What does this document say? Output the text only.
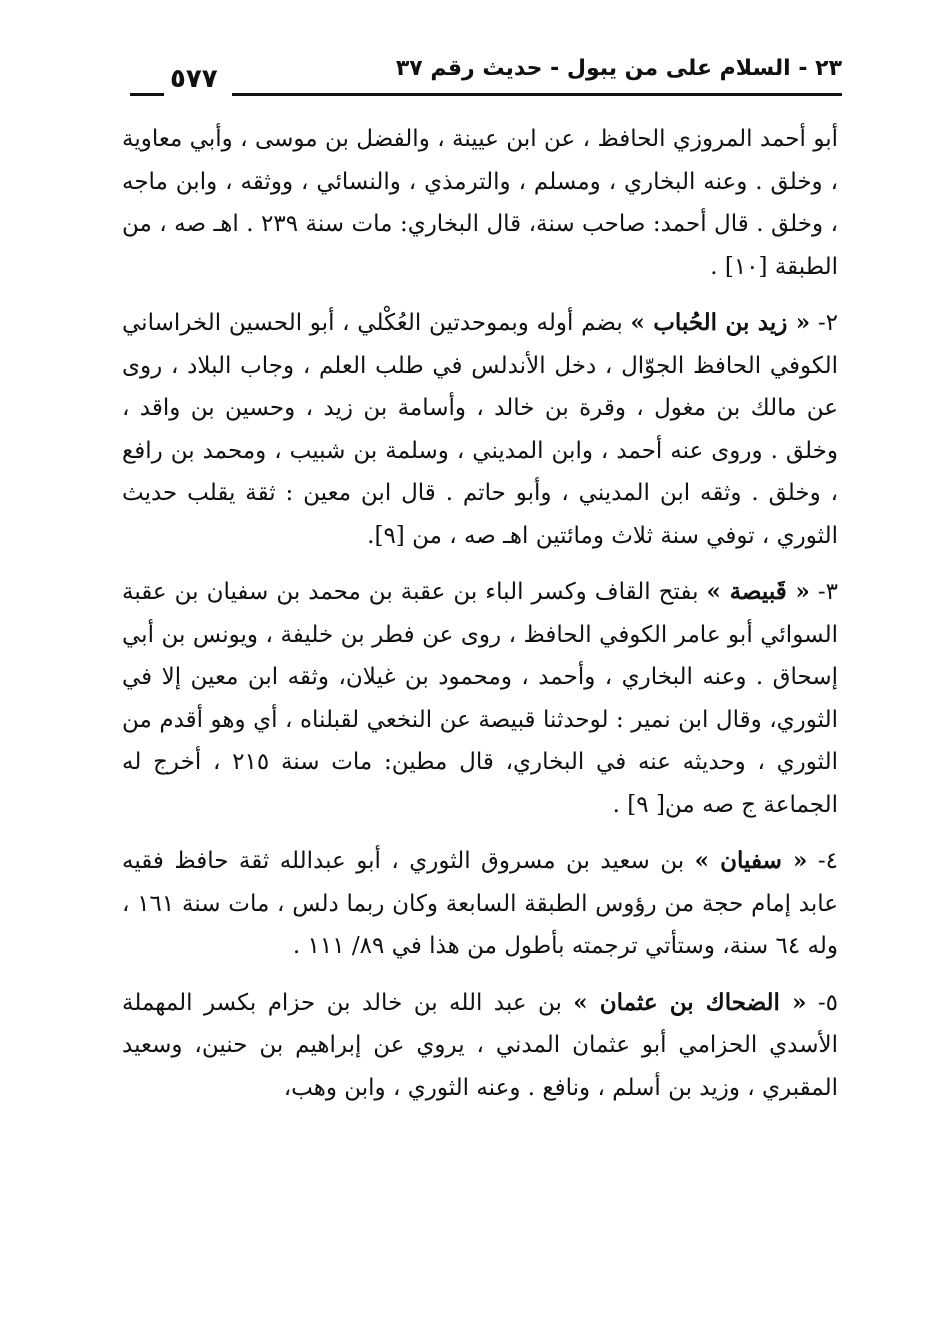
٥٧٧	٢٣ - السلام على من يبول - حديث رقم ٣٧

أبو أحمد المروزي الحافظ ، عن ابن عيينة ، والفضل بن موسى ، وأبي معاوية ، وخلق . وعنه البخاري ، ومسلم ، والترمذي ، والنسائي ، ووثقه ، وابن ماجه ، وخلق . قال أحمد: صاحب سنة، قال البخاري: مات سنة ٢٣٩ . اهـ صه ، من الطبقة [١٠] .

٢- « زيد بن الحُباب » بضم أوله وبموحدتين العُكْلي ، أبو الحسين الخراساني الكوفي الحافظ الجوّال ، دخل الأندلس في طلب العلم ، وجاب البلاد ، روى عن مالك بن مغول ، وقرة بن خالد ، وأسامة بن زيد ، وحسين بن واقد ، وخلق . وروى عنه أحمد ، وابن المديني ، وسلمة بن شبيب ، ومحمد بن رافع ، وخلق . وثقه ابن المديني ، وأبو حاتم . قال ابن معين : ثقة يقلب حديث الثوري ، توفي سنة ثلاث ومائتين اهـ صه ، من [٩].

٣- « قَبيصة » بفتح القاف وكسر الباء بن عقبة بن محمد بن سفيان بن عقبة السوائي أبو عامر الكوفي الحافظ ، روى عن فطر بن خليفة ، ويونس بن أبي إسحاق . وعنه البخاري ، وأحمد ، ومحمود بن غيلان، وثقه ابن معين إلا في الثوري، وقال ابن نمير : لوحدثنا قبيصة عن النخعي لقبلناه ، أي وهو أقدم من الثوري ، وحديثه عنه في البخاري، قال مطين: مات سنة ٢١٥ ، أخرج له الجماعة ج صه من[ ٩] .

٤- « سفيان » بن سعيد بن مسروق الثوري ، أبو عبدالله ثقة حافظ فقيه عابد إمام حجة من رؤوس الطبقة السابعة وكان ربما دلس ، مات سنة ١٦١ ، وله ٦٤ سنة، وستأتي ترجمته بأطول من هذا في ٨٩/ ١١١ .

٥- « الضحاك بن عثمان » بن عبد الله بن خالد بن حزام بكسر المهملة الأسدي الحزامي أبو عثمان المدني ، يروي عن إبراهيم بن حنين، وسعيد المقبري ، وزيد بن أسلم ، ونافع . وعنه الثوري ، وابن وهب،
